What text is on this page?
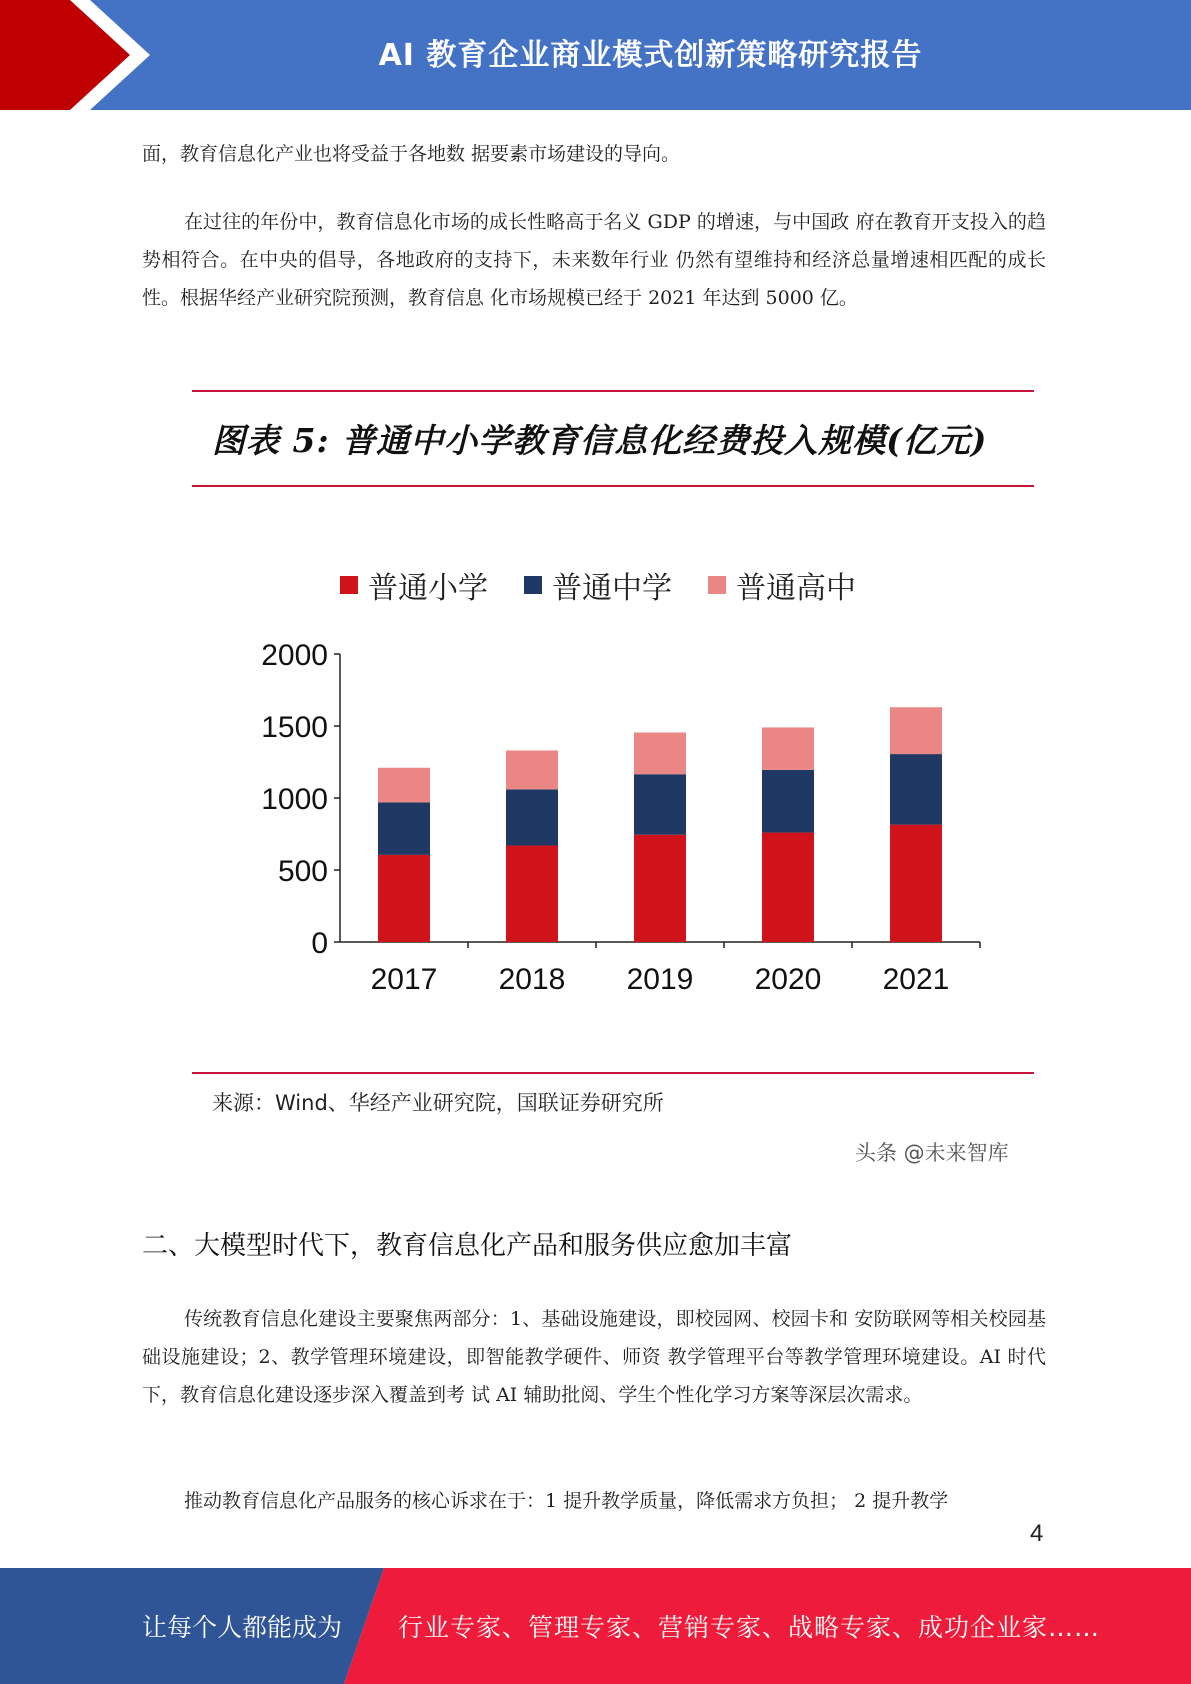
AI 教育企业商业模式创新策略研究报告

面，教育信息化产业也将受益于各地数 据要素市场建设的导向。

在过往的年份中，教育信息化市场的成长性略高于名义 GDP 的增速，与中国政 府在教育开支投入的趋势相符合。在中央的倡导，各地政府的支持下，未来数年行业 仍然有望维持和经济总量增速相匹配的成长性。根据华经产业研究院预测，教育信息 化市场规模已经于 2021 年达到 5000 亿。

图表 5: 普通中小学教育信息化经费投入规模(亿元)
普通小学 普通中学 普通高中
0
500
1000
1500
2000
2017 2018 2019 2020 2021
来源：Wind、华经产业研究院，国联证券研究所
头条 @未来智库
二、大模型时代下，教育信息化产品和服务供应愈加丰富

传统教育信息化建设主要聚焦两部分：1、基础设施建设，即校园网、校园卡和 安防联网等相关校园基础设施建设；2、教学管理环境建设，即智能教学硬件、师资 教学管理平台等教学管理环境建设。AI 时代下，教育信息化建设逐步深入覆盖到考 试 AI 辅助批阅、学生个性化学习方案等深层次需求。

推动教育信息化产品服务的核心诉求在于：1 提升教学质量，降低需求方负担； 2 提升教学

4
让每个人都能成为 行业专家、管理专家、营销专家、战略专家、成功企业家……
